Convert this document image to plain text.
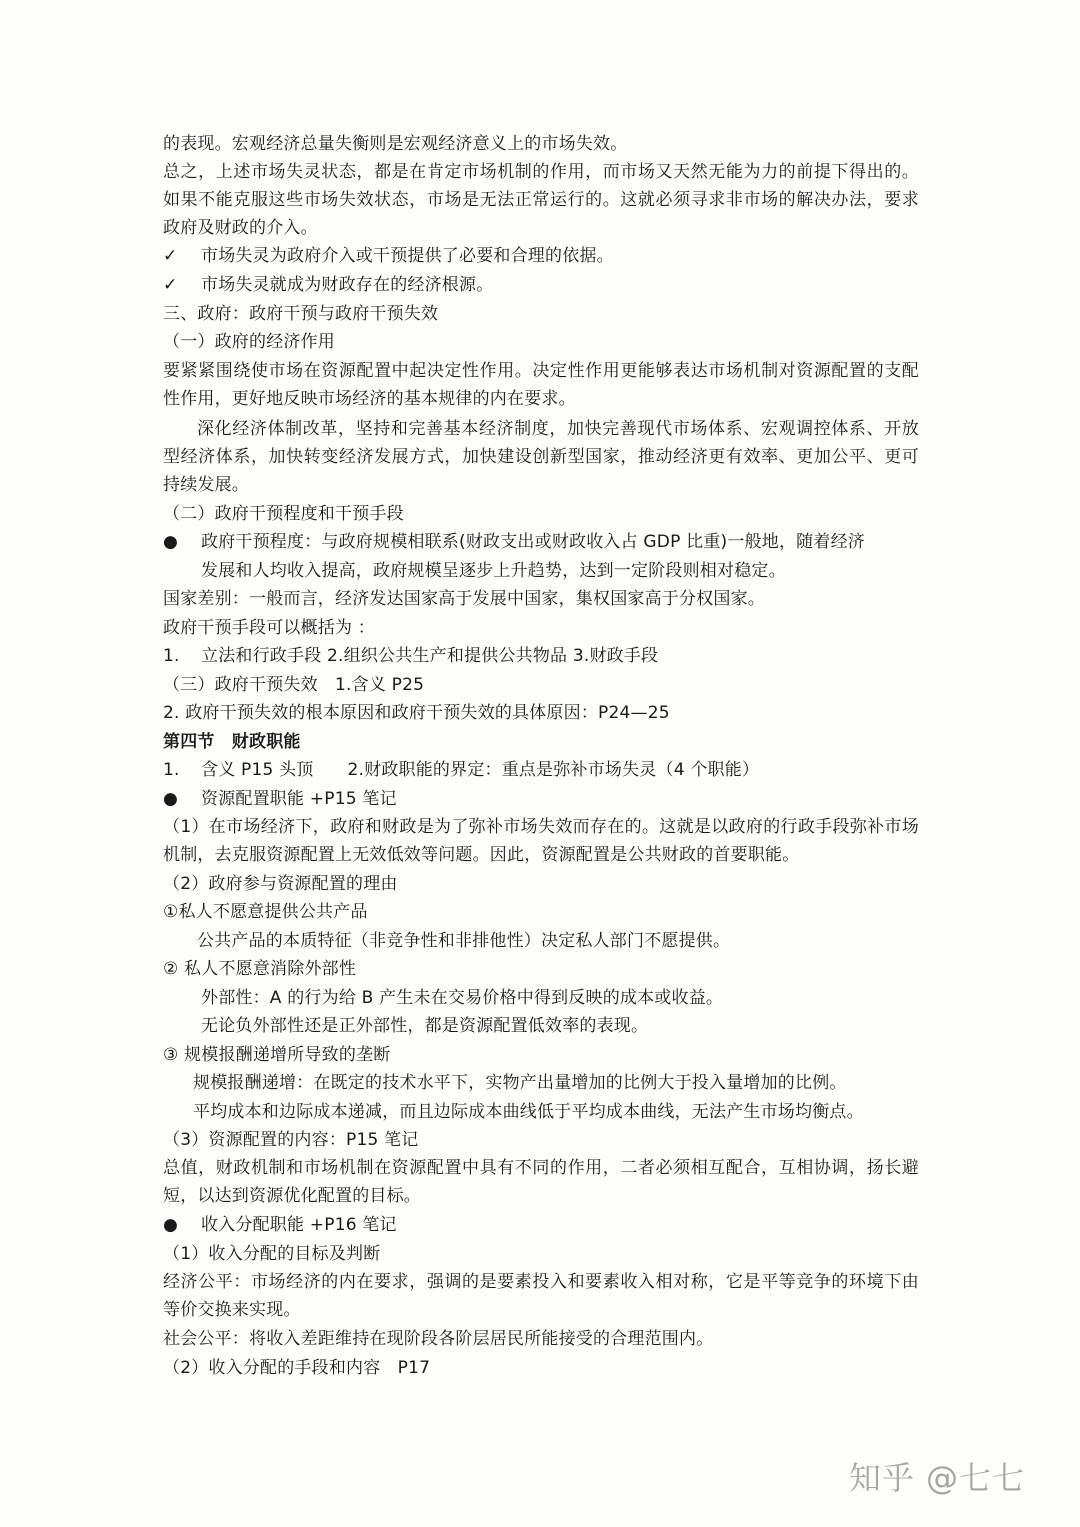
的表现。宏观经济总量失衡则是宏观经济意义上的市场失效。
总之，上述市场失灵状态，都是在肯定市场机制的作用，而市场又天然无能为力的前提下得出的。如果不能克服这些市场失效状态，市场是无法正常运行的。这就必须寻求非市场的解决办法，要求政府及财政的介入。
✓ 市场失灵为政府介入或干预提供了必要和合理的依据。
✓ 市场失灵就成为财政存在的经济根源。
三、政府：政府干预与政府干预失效
（一）政府的经济作用
要紧紧围绕使市场在资源配置中起决定性作用。决定性作用更能够表达市场机制对资源配置的支配性作用，更好地反映市场经济的基本规律的内在要求。
深化经济体制改革，坚持和完善基本经济制度，加快完善现代市场体系、宏观调控体系、开放型经济体系，加快转变经济发展方式，加快建设创新型国家，推动经济更有效率、更加公平、更可持续发展。
（二）政府干预程度和干预手段
● 政府干预程度：与政府规模相联系(财政支出或财政收入占 GDP 比重)一般地，随着经济
发展和人均收入提高，政府规模呈逐步上升趋势，达到一定阶段则相对稳定。
国家差别：一般而言，经济发达国家高于发展中国家，集权国家高于分权国家。
政府干预手段可以概括为 ：
1. 立法和行政手段 2.组织公共生产和提供公共物品 3.财政手段
（三）政府干预失效　1.含义 P25
2. 政府干预失效的根本原因和政府干预失效的具体原因：P24—25
第四节　财政职能
1. 含义 P15 头顶 2.财政职能的界定：重点是弥补市场失灵（4 个职能）
● 资源配置职能 +P15 笔记
（1）在市场经济下，政府和财政是为了弥补市场失效而存在的。这就是以政府的行政手段弥补市场机制，去克服资源配置上无效低效等问题。因此，资源配置是公共财政的首要职能。
（2）政府参与资源配置的理由
①私人不愿意提供公共产品
公共产品的本质特征（非竞争性和非排他性）决定私人部门不愿提供。
② 私人不愿意消除外部性
外部性：A 的行为给 B 产生未在交易价格中得到反映的成本或收益。
无论负外部性还是正外部性，都是资源配置低效率的表现。
③ 规模报酬递增所导致的垄断
规模报酬递增：在既定的技术水平下，实物产出量增加的比例大于投入量增加的比例。
平均成本和边际成本递减，而且边际成本曲线低于平均成本曲线，无法产生市场均衡点。
（3）资源配置的内容：P15 笔记
总值，财政机制和市场机制在资源配置中具有不同的作用，二者必须相互配合，互相协调，扬长避短，以达到资源优化配置的目标。
● 收入分配职能 +P16 笔记
（1）收入分配的目标及判断
经济公平：市场经济的内在要求，强调的是要素投入和要素收入相对称，它是平等竞争的环境下由等价交换来实现。
社会公平：将收入差距维持在现阶段各阶层居民所能接受的合理范围内。
（2）收入分配的手段和内容　P17
知乎 @七七
